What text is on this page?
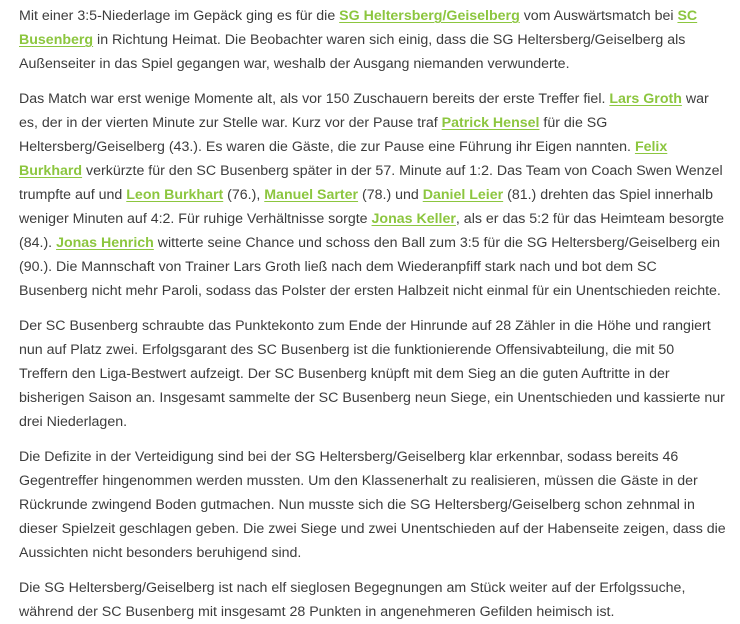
Mit einer 3:5-Niederlage im Gepäck ging es für die SG Heltersberg/Geiselberg vom Auswärtsmatch bei SC Busenberg in Richtung Heimat. Die Beobachter waren sich einig, dass die SG Heltersberg/Geiselberg als Außenseiter in das Spiel gegangen war, weshalb der Ausgang niemanden verwunderte.

Das Match war erst wenige Momente alt, als vor 150 Zuschauern bereits der erste Treffer fiel. Lars Groth war es, der in der vierten Minute zur Stelle war. Kurz vor der Pause traf Patrick Hensel für die SG Heltersberg/Geiselberg (43.). Es waren die Gäste, die zur Pause eine Führung ihr Eigen nannten. Felix Burkhard verkürzte für den SC Busenberg später in der 57. Minute auf 1:2. Das Team von Coach Swen Wenzel trumpfte auf und Leon Burkhart (76.), Manuel Sarter (78.) und Daniel Leier (81.) drehten das Spiel innerhalb weniger Minuten auf 4:2. Für ruhige Verhältnisse sorgte Jonas Keller, als er das 5:2 für das Heimteam besorgte (84.). Jonas Henrich witterte seine Chance und schoss den Ball zum 3:5 für die SG Heltersberg/Geiselberg ein (90.). Die Mannschaft von Trainer Lars Groth ließ nach dem Wiederanpfiff stark nach und bot dem SC Busenberg nicht mehr Paroli, sodass das Polster der ersten Halbzeit nicht einmal für ein Unentschieden reichte.

Der SC Busenberg schraubte das Punktekonto zum Ende der Hinrunde auf 28 Zähler in die Höhe und rangiert nun auf Platz zwei. Erfolgsgarant des SC Busenberg ist die funktionierende Offensivabteilung, die mit 50 Treffern den Liga-Bestwert aufzeigt. Der SC Busenberg knüpft mit dem Sieg an die guten Auftritte in der bisherigen Saison an. Insgesamt sammelte der SC Busenberg neun Siege, ein Unentschieden und kassierte nur drei Niederlagen.

Die Defizite in der Verteidigung sind bei der SG Heltersberg/Geiselberg klar erkennbar, sodass bereits 46 Gegentreffer hingenommen werden mussten. Um den Klassenerhalt zu realisieren, müssen die Gäste in der Rückrunde zwingend Boden gutmachen. Nun musste sich die SG Heltersberg/Geiselberg schon zehnmal in dieser Spielzeit geschlagen geben. Die zwei Siege und zwei Unentschieden auf der Habenseite zeigen, dass die Aussichten nicht besonders beruhigend sind.

Die SG Heltersberg/Geiselberg ist nach elf sieglosen Begegnungen am Stück weiter auf der Erfolgssuche, während der SC Busenberg mit insgesamt 28 Punkten in angenehmeren Gefilden heimisch ist.
